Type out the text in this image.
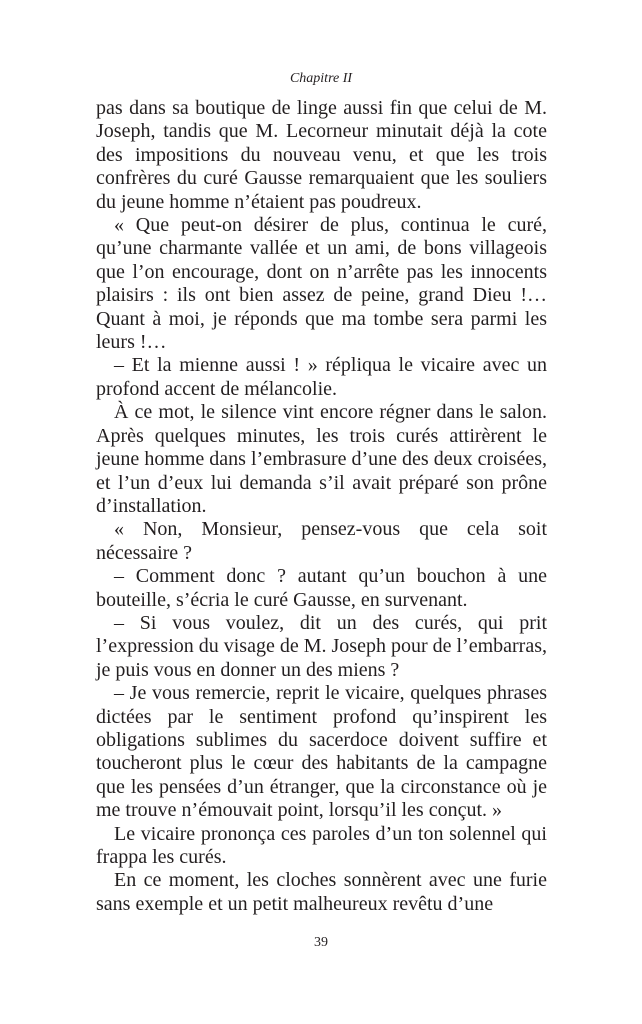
Chapitre II

pas dans sa boutique de linge aussi fin que celui de M. Joseph, tandis que M. Lecorneur minutait déjà la cote des impositions du nouveau venu, et que les trois confrères du curé Gausse remarquaient que les souliers du jeune homme n’étaient pas poudreux.

« Que peut-on désirer de plus, continua le curé, qu’une charmante vallée et un ami, de bons villageois que l’on encourage, dont on n’arrête pas les innocents plaisirs : ils ont bien assez de peine, grand Dieu !… Quant à moi, je réponds que ma tombe sera parmi les leurs !…

– Et la mienne aussi ! » répliqua le vicaire avec un profond accent de mélancolie.

À ce mot, le silence vint encore régner dans le salon. Après quelques minutes, les trois curés attirèrent le jeune homme dans l’embrasure d’une des deux croisées, et l’un d’eux lui demanda s’il avait préparé son prône d’installation.

« Non, Monsieur, pensez-vous que cela soit nécessaire ?

– Comment donc ? autant qu’un bouchon à une bouteille, s’écria le curé Gausse, en survenant.

– Si vous voulez, dit un des curés, qui prit l’expression du visage de M. Joseph pour de l’embarras, je puis vous en donner un des miens ?

– Je vous remercie, reprit le vicaire, quelques phrases dictées par le sentiment profond qu’inspirent les obligations sublimes du sacerdoce doivent suffire et toucheront plus le cœur des habitants de la campagne que les pensées d’un étranger, que la circonstance où je me trouve n’émouvait point, lorsqu’il les conçut. »

Le vicaire prononça ces paroles d’un ton solennel qui frappa les curés.

En ce moment, les cloches sonnèrent avec une furie sans exemple et un petit malheureux revêtu d’une

39
